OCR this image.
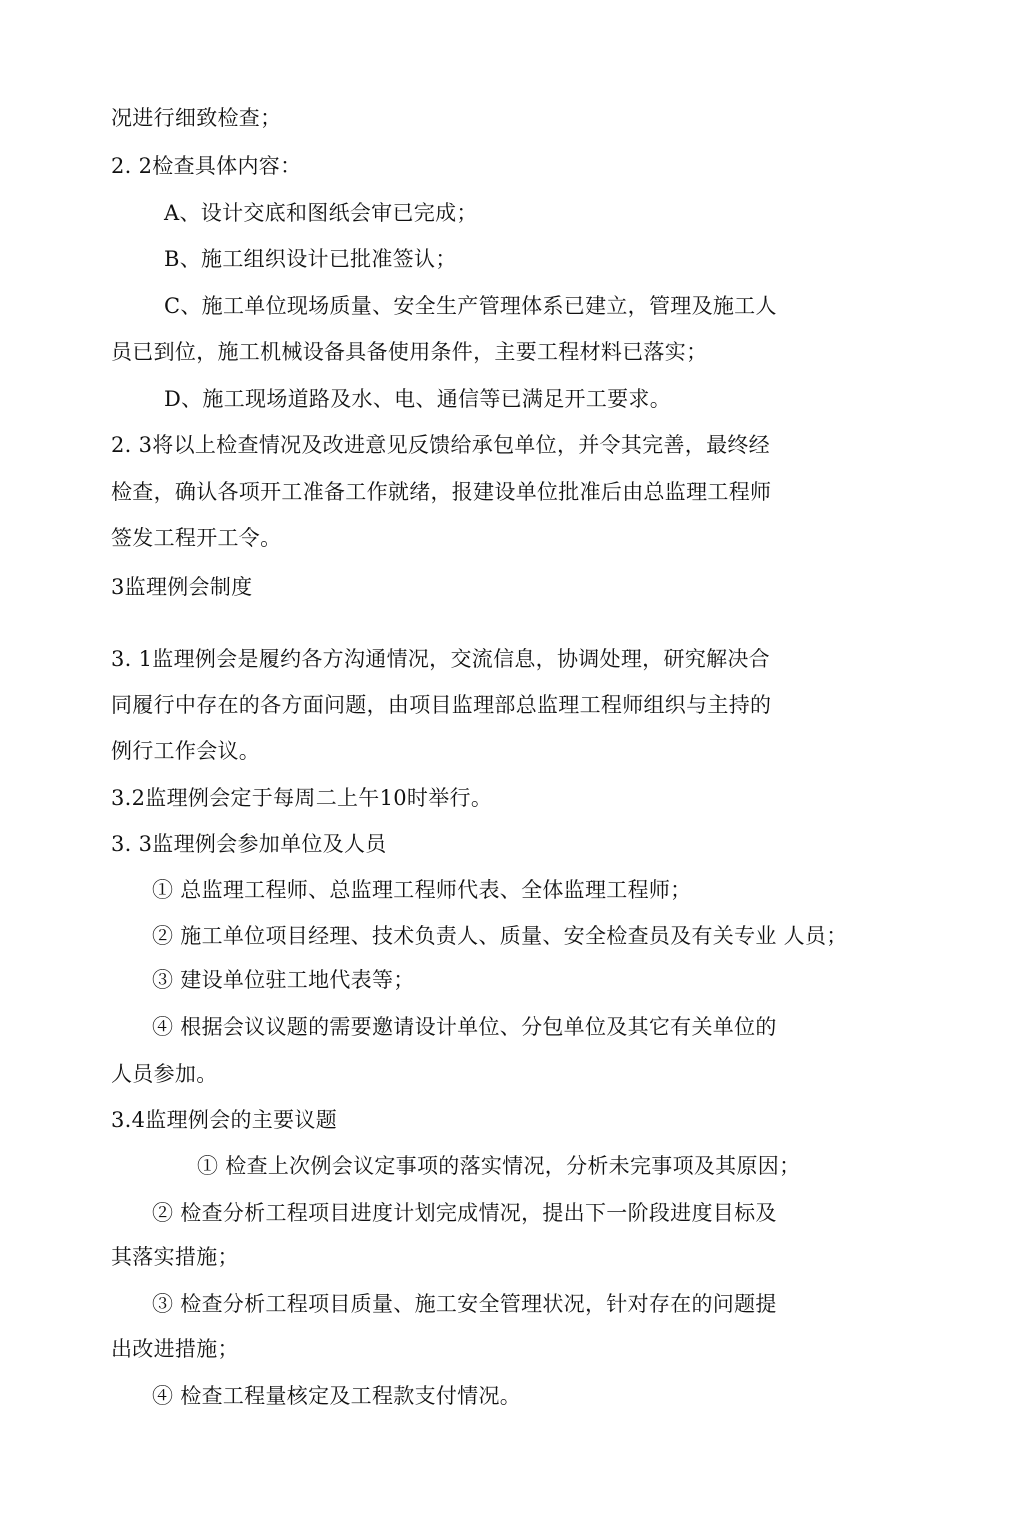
况进行细致检查；
2. 2检查具体内容：
A、设计交底和图纸会审已完成；
B、施工组织设计已批准签认；
C、施工单位现场质量、安全生产管理体系已建立，管理及施工人
员已到位，施工机械设备具备使用条件，主要工程材料已落实；
D、施工现场道路及水、电、通信等已满足开工要求。
2. 3将以上检查情况及改进意见反馈给承包单位，并令其完善，最终经
检查，确认各项开工准备工作就绪，报建设单位批准后由总监理工程师
签发工程开工令。
3监理例会制度
3. 1监理例会是履约各方沟通情况，交流信息，协调处理，研究解决合
同履行中存在的各方面问题，由项目监理部总监理工程师组织与主持的
例行工作会议。
3.2监理例会定于每周二上午10时举行。
3. 3监理例会参加单位及人员
① 总监理工程师、总监理工程师代表、全体监理工程师；
② 施工单位项目经理、技术负责人、质量、安全检查员及有关专业 人员；
③ 建设单位驻工地代表等；
④ 根据会议议题的需要邀请设计单位、分包单位及其它有关单位的
人员参加。
3.4监理例会的主要议题
① 检查上次例会议定事项的落实情况，分析未完事项及其原因；
② 检查分析工程项目进度计划完成情况，提出下一阶段进度目标及
其落实措施；
③ 检查分析工程项目质量、施工安全管理状况，针对存在的问题提
出改进措施；
④ 检查工程量核定及工程款支付情况。
